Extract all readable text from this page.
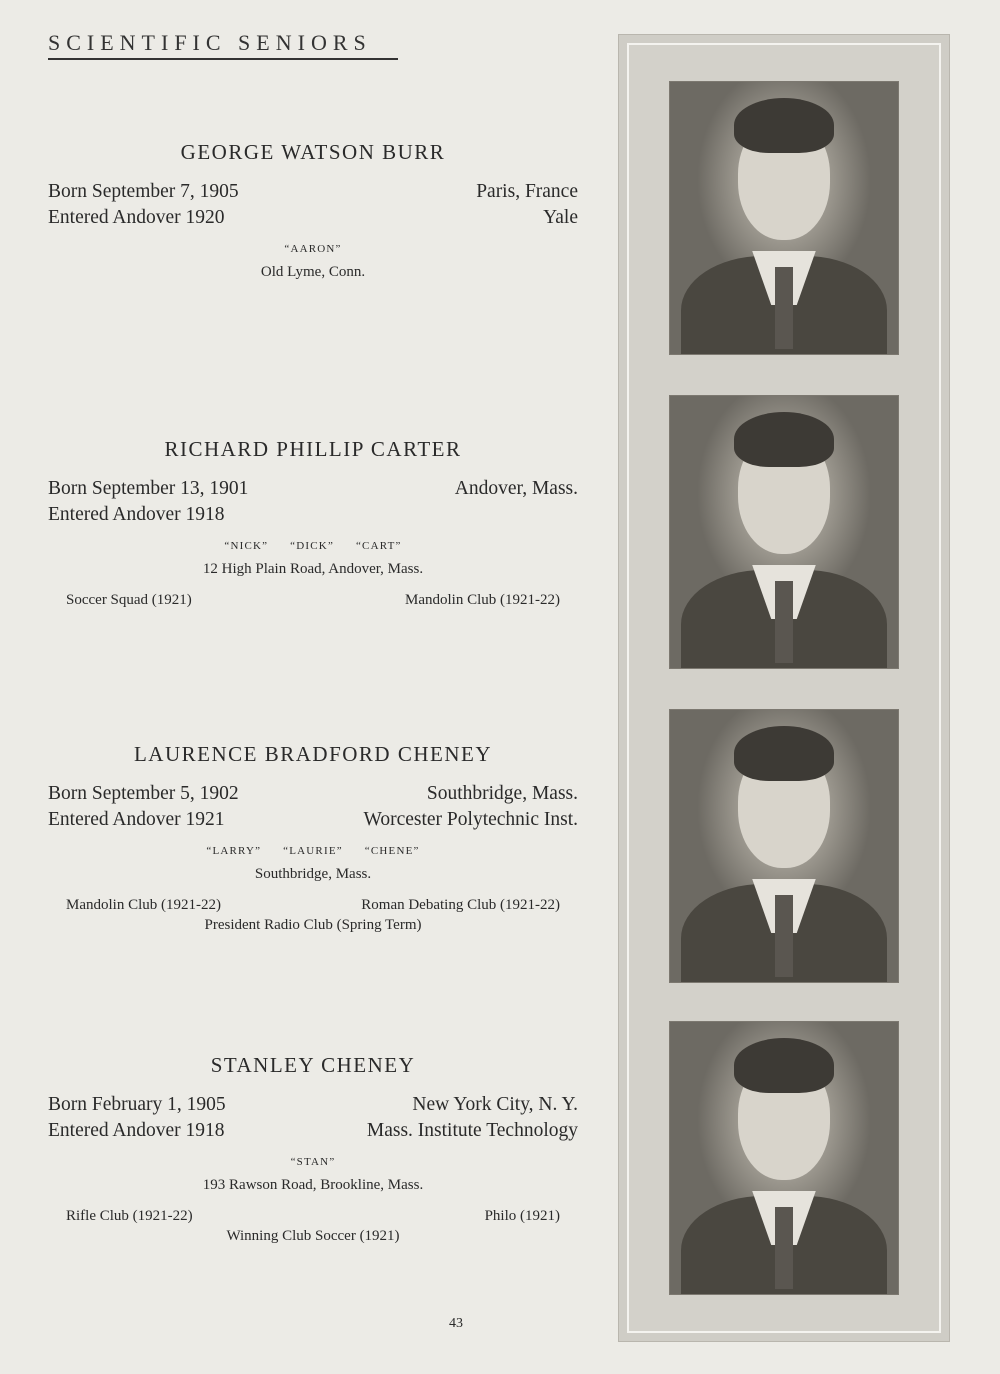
SCIENTIFIC SENIORS
GEORGE WATSON BURR
Born September 7, 1905	Paris, France
Entered Andover 1920	Yale
“AARON”
Old Lyme, Conn.
RICHARD PHILLIP CARTER
Born September 13, 1901	Andover, Mass.
Entered Andover 1918
“NICK” “DICK” “CART”
12 High Plain Road, Andover, Mass.
Soccer Squad (1921)	Mandolin Club (1921-22)
LAURENCE BRADFORD CHENEY
Born September 5, 1902	Southbridge, Mass.
Entered Andover 1921	Worcester Polytechnic Inst.
“LARRY” “LAURIE” “CHENE”
Southbridge, Mass.
Mandolin Club (1921-22)	Roman Debating Club (1921-22)
President Radio Club (Spring Term)
STANLEY CHENEY
Born February 1, 1905	New York City, N. Y.
Entered Andover 1918	Mass. Institute Technology
“STAN”
193 Rawson Road, Brookline, Mass.
Rifle Club (1921-22)	Philo (1921)
Winning Club Soccer (1921)
43
